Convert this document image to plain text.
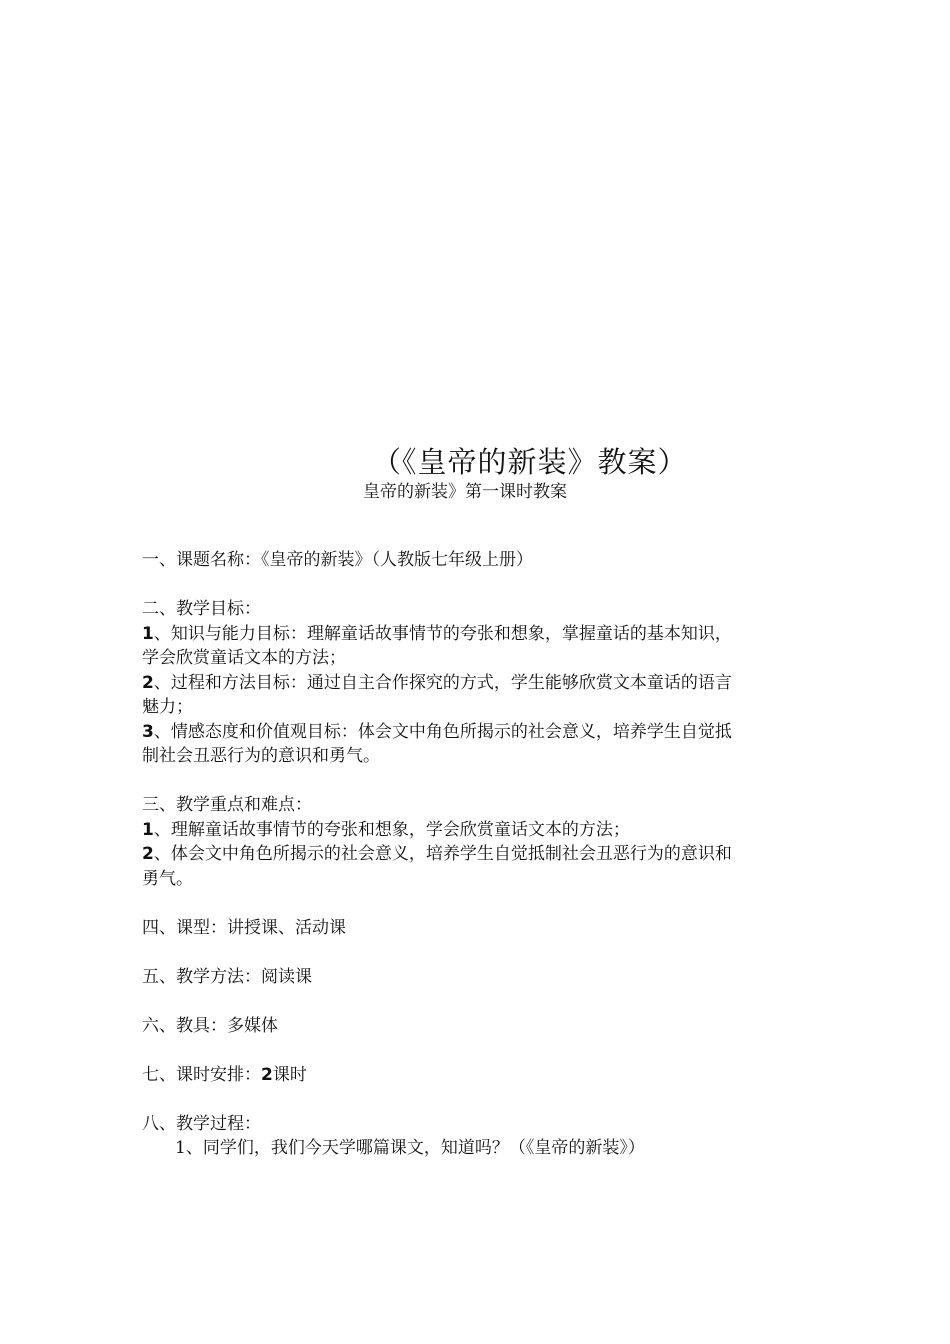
（《皇帝的新装》教案）
皇帝的新装》第一课时教案
一、课题名称：《皇帝的新装》（人教版七年级上册）
二、教学目标：
1、知识与能力目标：理解童话故事情节的夸张和想象，掌握童话的基本知识，
学会欣赏童话文本的方法；
2、过程和方法目标：通过自主合作探究的方式，学生能够欣赏文本童话的语言
魅力；
3、情感态度和价值观目标：体会文中角色所揭示的社会意义，培养学生自觉抵
制社会丑恶行为的意识和勇气。
三、教学重点和难点：
1、理解童话故事情节的夸张和想象，学会欣赏童话文本的方法；
2、体会文中角色所揭示的社会意义，培养学生自觉抵制社会丑恶行为的意识和
勇气。
四、课型：讲授课、活动课
五、教学方法：阅读课
六、教具：多媒体
七、课时安排：2课时
八、教学过程：
1、同学们，我们今天学哪篇课文，知道吗？（《皇帝的新装》）
